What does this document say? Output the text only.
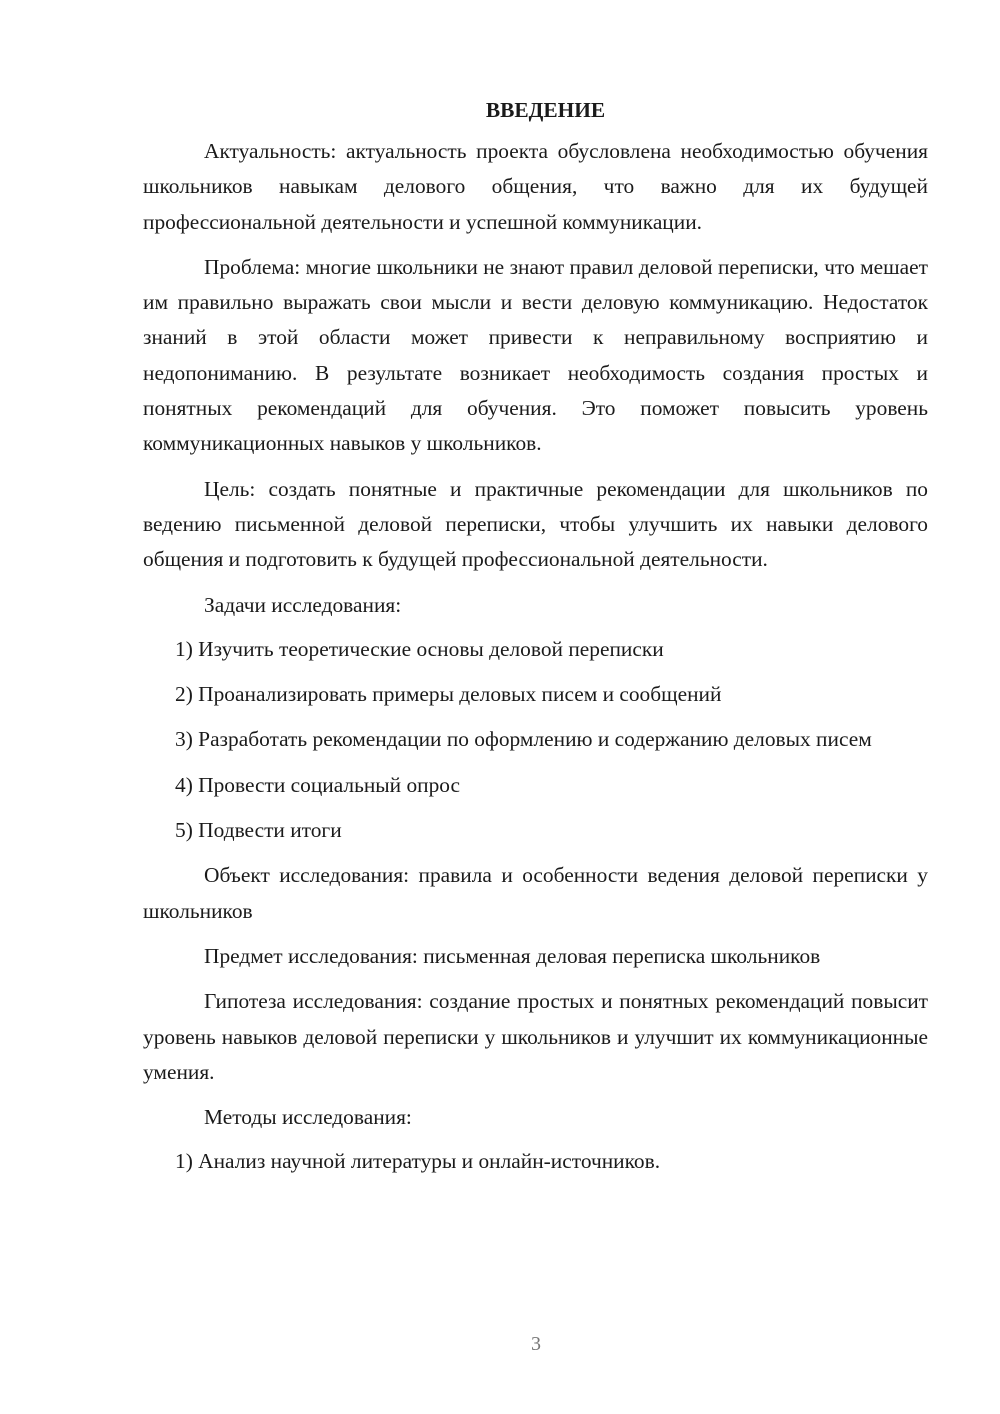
ВВЕДЕНИЕ

Актуальность: актуальность проекта обусловлена необходимостью обучения школьников навыкам делового общения, что важно для их будущей профессиональной деятельности и успешной коммуникации.

Проблема: многие школьники не знают правил деловой переписки, что мешает им правильно выражать свои мысли и вести деловую коммуникацию. Недостаток знаний в этой области может привести к неправильному восприятию и недопониманию. В результате возникает необходимость создания простых и понятных рекомендаций для обучения. Это поможет повысить уровень коммуникационных навыков у школьников.

Цель: создать понятные и практичные рекомендации для школьников по ведению письменной деловой переписки, чтобы улучшить их навыки делового общения и подготовить к будущей профессиональной деятельности.

Задачи исследования:

1) Изучить теоретические основы деловой переписки

2) Проанализировать примеры деловых писем и сообщений

3) Разработать рекомендации по оформлению и содержанию деловых писем

4) Провести социальный опрос

5) Подвести итоги

Объект исследования: правила и особенности ведения деловой переписки у школьников

Предмет исследования: письменная деловая переписка школьников

Гипотеза исследования: создание простых и понятных рекомендаций повысит уровень навыков деловой переписки у школьников и улучшит их коммуникационные умения.

Методы исследования:

1) Анализ научной литературы и онлайн-источников.

3
